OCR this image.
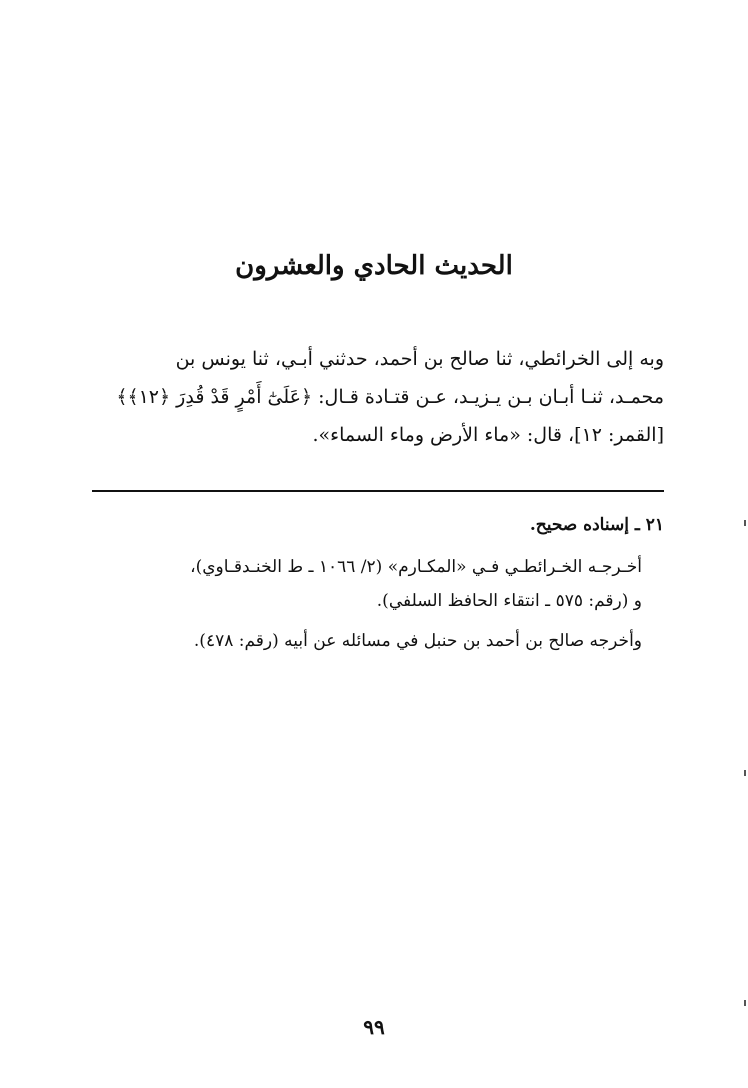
الحديث الحادي والعشرون
وبه إلى الخرائطي، ثنا صالح بن أحمد، حدثني أبـي، ثنا يونس بن
محمـد، ثنـا أبـان بـن يـزيـد، عـن قتـادة قـال: ﴿عَلَىٰٓ أَمْرٍ قَدْ قُدِرَ ﴿١٢﴾﴾
[القمر: ١٢]، قال: «ماء الأرض وماء السماء».
٢١ ـ إسناده صحيح.
أخـرجـه الخـرائطـي فـي «المكـارم» (٢/ ١٠٦٦ ـ ط الخنـدقـاوي)،
و (رقم: ٥٧٥ ـ انتقاء الحافظ السلفي).
وأخرجه صالح بن أحمد بن حنبل في مسائله عن أبيه (رقم: ٤٧٨).
٩٩
